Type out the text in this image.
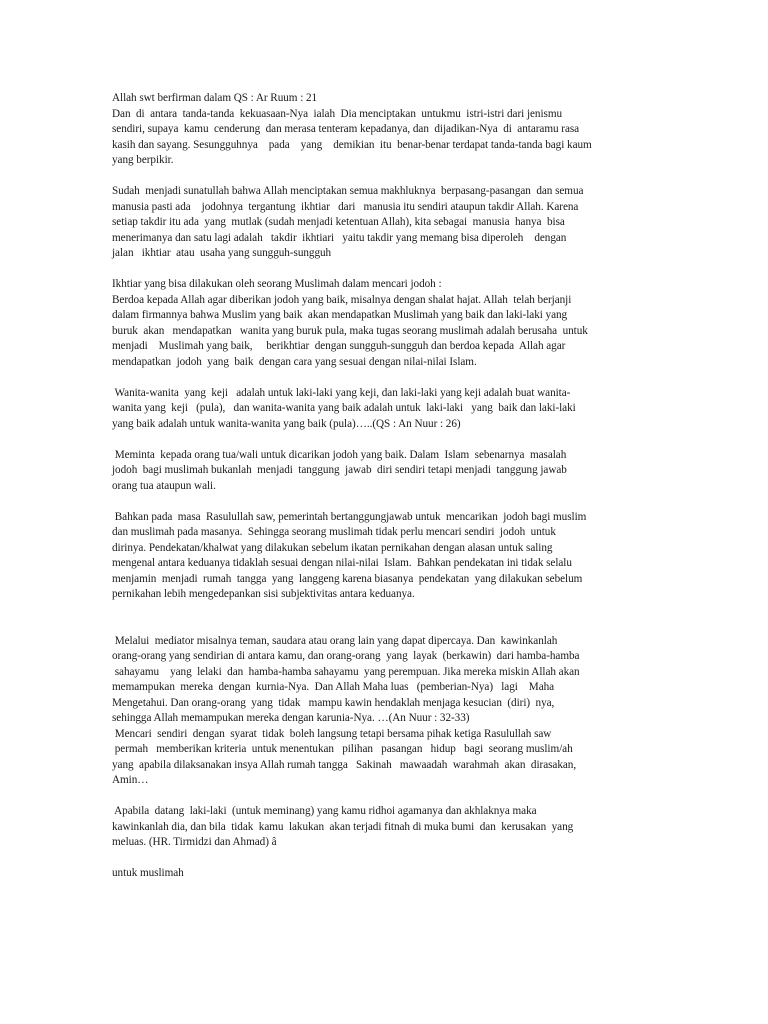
Allah swt berfirman dalam QS : Ar Ruum : 21
Dan  di  antara  tanda-tanda  kekuasaan-Nya  ialah  Dia menciptakan  untukmu  istri-istri dari jenismu
sendiri, supaya  kamu  cenderung  dan merasa tenteram kepadanya, dan  dijadikan-Nya  di  antaramu rasa
kasih dan sayang. Sesungguhnya    pada    yang    demikian  itu  benar-benar terdapat tanda-tanda bagi kaum
yang berpikir.
Sudah  menjadi sunatullah bahwa Allah menciptakan semua makhluknya  berpasang-pasangan  dan semua
manusia pasti ada    jodohnya  tergantung  ikhtiar   dari   manusia itu sendiri ataupun takdir Allah. Karena
setiap takdir itu ada  yang  mutlak (sudah menjadi ketentuan Allah), kita sebagai  manusia  hanya  bisa
menerimanya dan satu lagi adalah   takdir  ikhtiari   yaitu takdir yang memang bisa diperoleh    dengan
jalan   ikhtiar  atau  usaha yang sungguh-sungguh
Ikhtiar yang bisa dilakukan oleh seorang Muslimah dalam mencari jodoh :
Berdoa kepada Allah agar diberikan jodoh yang baik, misalnya dengan shalat hajat. Allah  telah berjanji
dalam firmannya bahwa Muslim yang baik  akan mendapatkan Muslimah yang baik dan laki-laki yang
buruk  akan   mendapatkan   wanita yang buruk pula, maka tugas seorang muslimah adalah berusaha  untuk
menjadi    Muslimah yang baik,     berikhtiar  dengan sungguh-sungguh dan berdoa kepada  Allah agar
mendapatkan  jodoh  yang  baik  dengan cara yang sesuai dengan nilai-nilai Islam.
Wanita-wanita  yang  keji   adalah untuk laki-laki yang keji, dan laki-laki yang keji adalah buat wanita-
wanita yang  keji   (pula),   dan wanita-wanita yang baik adalah untuk  laki-laki   yang  baik dan laki-laki
yang baik adalah untuk wanita-wanita yang baik (pula)…..(QS : An Nuur : 26)
Meminta  kepada orang tua/wali untuk dicarikan jodoh yang baik. Dalam  Islam  sebenarnya  masalah
jodoh  bagi muslimah bukanlah  menjadi  tanggung  jawab  diri sendiri tetapi menjadi  tanggung jawab
orang tua ataupun wali.
Bahkan pada  masa  Rasulullah saw, pemerintah bertanggungjawab untuk  mencarikan  jodoh bagi muslim
dan muslimah pada masanya.  Sehingga seorang muslimah tidak perlu mencari sendiri  jodoh  untuk
dirinya. Pendekatan/khalwat yang dilakukan sebelum ikatan pernikahan dengan alasan untuk saling
mengenal antara keduanya tidaklah sesuai dengan nilai-nilai  Islam.  Bahkan pendekatan ini tidak selalu
menjamin  menjadi  rumah  tangga  yang  langgeng karena biasanya  pendekatan  yang dilakukan sebelum
pernikahan lebih mengedepankan sisi subjektivitas antara keduanya.
Melalui  mediator misalnya teman, saudara atau orang lain yang dapat dipercaya. Dan  kawinkanlah
orang-orang yang sendirian di antara kamu, dan orang-orang  yang  layak  (berkawin)  dari hamba-hamba
sahayamu    yang  lelaki  dan  hamba-hamba sahayamu  yang perempuan. Jika mereka miskin Allah akan
memampukan  mereka  dengan  kurnia-Nya.  Dan Allah Maha luas   (pemberian-Nya)   lagi    Maha
Mengetahui. Dan orang-orang  yang  tidak   mampu kawin hendaklah menjaga kesucian  (diri)  nya,
sehingga Allah memampukan mereka dengan karunia-Nya. …(An Nuur : 32-33)
Mencari  sendiri  dengan  syarat  tidak  boleh langsung tetapi bersama pihak ketiga Rasulullah saw
permah   memberikan kriteria  untuk menentukan   pilihan   pasangan   hidup   bagi  seorang muslim/ah
yang  apabila dilaksanakan insya Allah rumah tangga   Sakinah   mawaadah  warahmah  akan  dirasakan,
Amin…
Apabila  datang  laki-laki  (untuk meminang) yang kamu ridhoi agamanya dan akhlaknya maka
kawinkanlah dia, dan bila  tidak  kamu  lakukan  akan terjadi fitnah di muka bumi  dan  kerusakan  yang
meluas. (HR. Tirmidzi dan Ahmad) â
untuk muslimah
